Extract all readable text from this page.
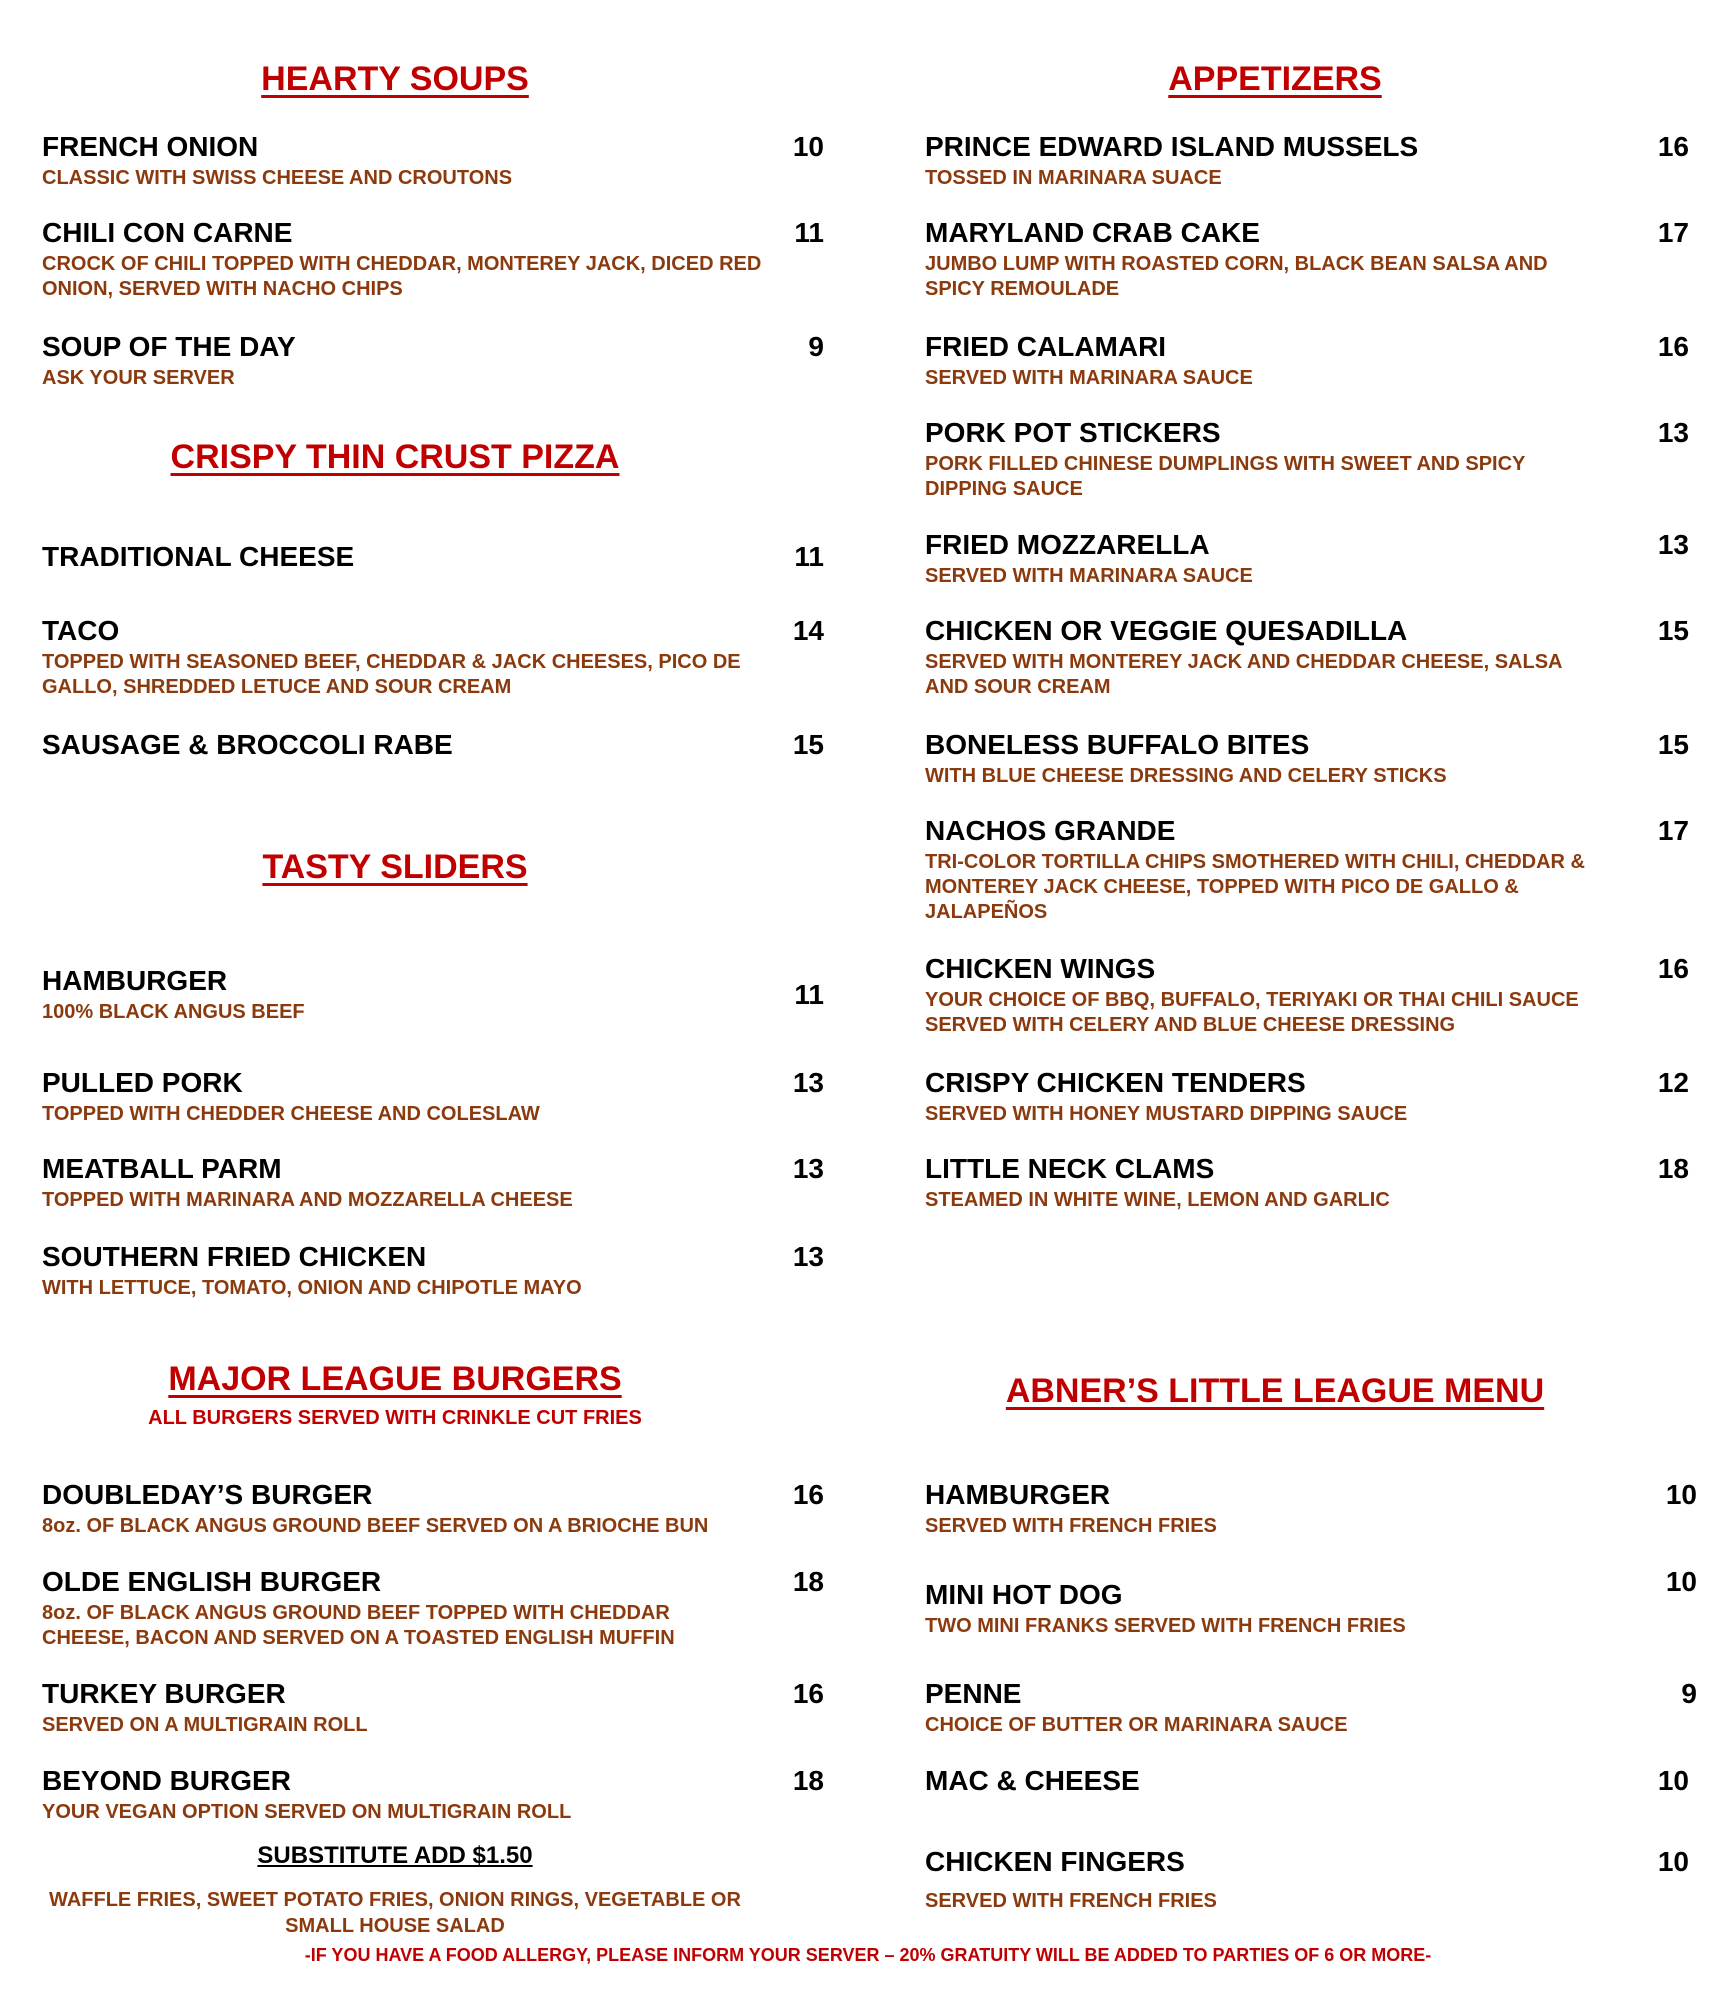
HEARTY SOUPS
FRENCH ONION
CLASSIC WITH SWISS CHEESE AND CROUTONS
10
CHILI CON CARNE
CROCK OF CHILI TOPPED WITH CHEDDAR, MONTEREY JACK, DICED RED ONION, SERVED WITH NACHO CHIPS
11
SOUP OF THE DAY
ASK YOUR SERVER
9
CRISPY THIN CRUST PIZZA
TRADITIONAL CHEESE	11
TACO
TOPPED WITH SEASONED BEEF, CHEDDAR & JACK CHEESES, PICO DE GALLO, SHREDDED LETUCE AND SOUR CREAM
14
SAUSAGE & BROCCOLI RABE	15
TASTY SLIDERS
HAMBURGER
100% BLACK ANGUS BEEF
11
PULLED PORK
TOPPED WITH CHEDDER CHEESE AND COLESLAW
13
MEATBALL PARM
TOPPED WITH MARINARA AND MOZZARELLA CHEESE
13
SOUTHERN FRIED CHICKEN
WITH LETTUCE, TOMATO, ONION AND CHIPOTLE MAYO
13
MAJOR LEAGUE BURGERS
ALL BURGERS SERVED WITH CRINKLE CUT FRIES
DOUBLEDAY’S BURGER
8oz. OF BLACK ANGUS GROUND BEEF SERVED ON A BRIOCHE BUN
16
OLDE ENGLISH BURGER
8oz. OF BLACK ANGUS GROUND BEEF TOPPED WITH CHEDDAR CHEESE, BACON AND SERVED ON A TOASTED ENGLISH MUFFIN
18
TURKEY BURGER
SERVED ON A MULTIGRAIN ROLL
16
BEYOND BURGER
YOUR VEGAN OPTION SERVED ON MULTIGRAIN ROLL
18
SUBSTITUTE ADD $1.50
WAFFLE FRIES, SWEET POTATO FRIES, ONION RINGS, VEGETABLE OR SMALL HOUSE SALAD
APPETIZERS
PRINCE EDWARD ISLAND MUSSELS
TOSSED IN MARINARA SUACE
16
MARYLAND CRAB CAKE
JUMBO LUMP WITH ROASTED CORN, BLACK BEAN SALSA AND SPICY REMOULADE
17
FRIED CALAMARI
SERVED WITH MARINARA SAUCE
16
PORK POT STICKERS
PORK FILLED CHINESE DUMPLINGS WITH SWEET AND SPICY DIPPING SAUCE
13
FRIED MOZZARELLA
SERVED WITH MARINARA SAUCE
13
CHICKEN OR VEGGIE QUESADILLA
SERVED WITH MONTEREY JACK AND CHEDDAR CHEESE, SALSA AND SOUR CREAM
15
BONELESS BUFFALO BITES
WITH BLUE CHEESE DRESSING AND CELERY STICKS
15
NACHOS GRANDE
TRI-COLOR TORTILLA CHIPS SMOTHERED WITH CHILI, CHEDDAR & MONTEREY JACK CHEESE, TOPPED WITH PICO DE GALLO & JALAPEÑOS
17
CHICKEN WINGS
YOUR CHOICE OF BBQ, BUFFALO, TERIYAKI OR THAI CHILI SAUCE SERVED WITH CELERY AND BLUE CHEESE DRESSING
16
CRISPY CHICKEN TENDERS
SERVED WITH HONEY MUSTARD DIPPING SAUCE
12
LITTLE NECK CLAMS
STEAMED IN WHITE WINE, LEMON AND GARLIC
18
ABNER’S LITTLE LEAGUE MENU
HAMBURGER
SERVED WITH FRENCH FRIES
10
MINI HOT DOG
TWO MINI FRANKS SERVED WITH FRENCH FRIES
10
PENNE
CHOICE OF BUTTER OR MARINARA SAUCE
9
MAC & CHEESE	10
CHICKEN FINGERS
SERVED WITH FRENCH FRIES
10
-IF YOU HAVE A FOOD ALLERGY, PLEASE INFORM YOUR SERVER – 20% GRATUITY WILL BE ADDED TO PARTIES OF 6 OR MORE-
